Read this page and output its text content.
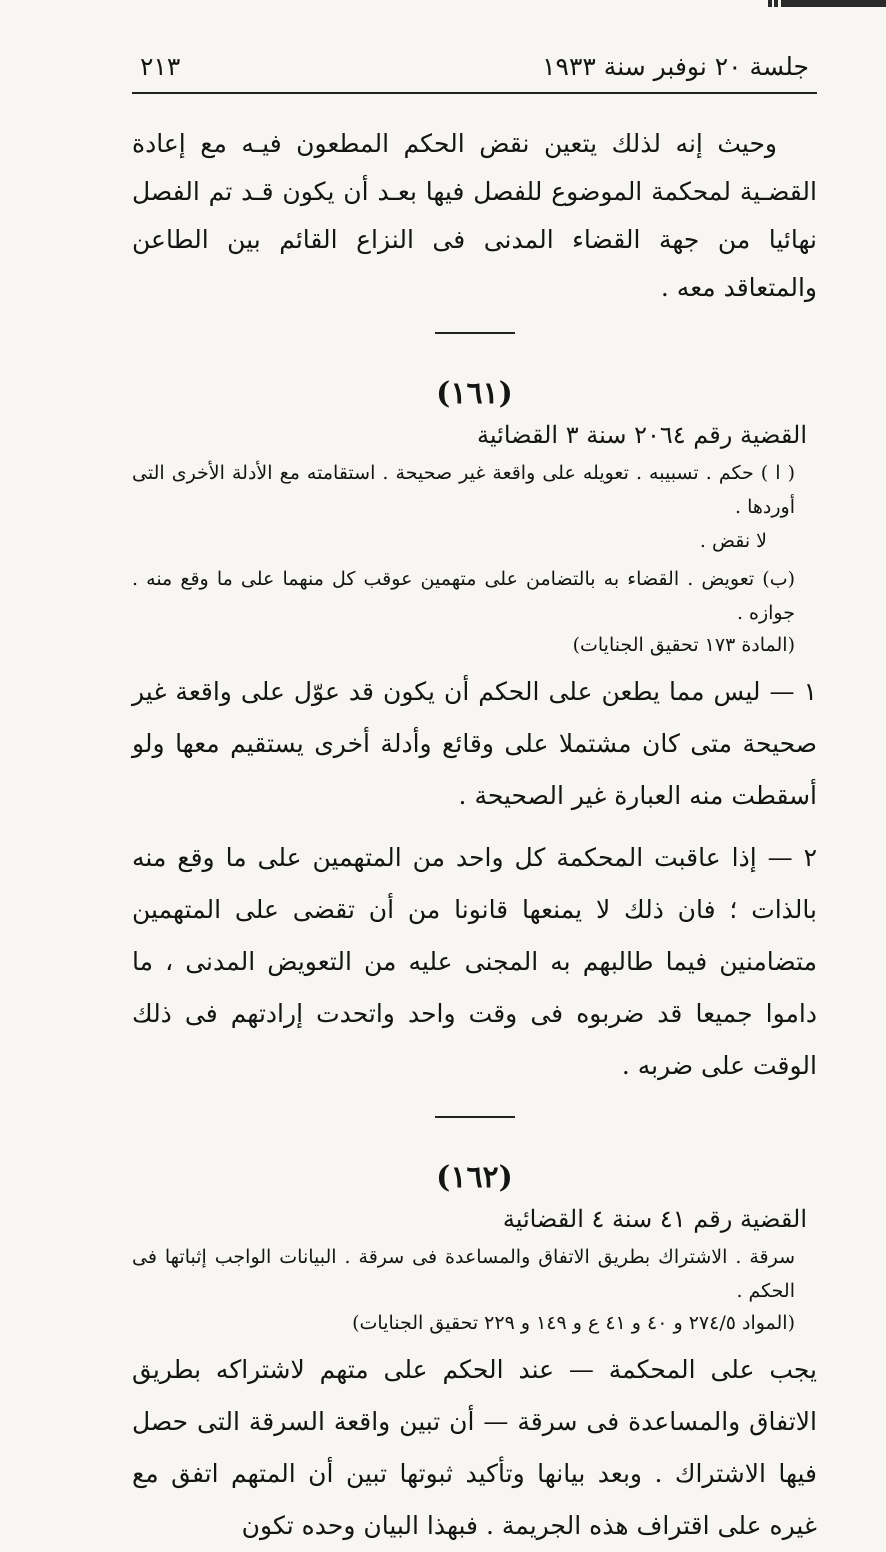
جلسة ٢٠ نوفبر سنة ١٩٣٣
٢١٣

وحيث إنه لذلك يتعين نقض الحكم المطعون فيـه مع إعادة القضـية لمحكمة الموضوع للفصل فيها بعـد أن يكون قـد تم الفصل نهائيا من جهة القضاء المدنى فى النزاع القائم بين الطاعن والمتعاقد معه .

(١٦١)

القضية رقم ٢٠٦٤ سنة ٣ القضائية

( ا ) حكم . تسبيبه . تعويله على واقعة غير صحيحة . استقامته مع الأدلة الأخرى التى أوردها .
لا نقض .

(ب) تعويض . القضاء به بالتضامن على متهمين عوقب كل منهما على ما وقع منه . جوازه .

(المادة ١٧٣ تحقيق الجنايات)

١ — ليس مما يطعن على الحكم أن يكون قد عوّل على واقعة غير صحيحة متى كان مشتملا على وقائع وأدلة أخرى يستقيم معها ولو أسقطت منه العبارة غير الصحيحة .

٢ — إذا عاقبت المحكمة كل واحد من المتهمين على ما وقع منه بالذات ؛ فان ذلك لا يمنعها قانونا من أن تقضى على المتهمين متضامنين فيما طالبهم به المجنى عليه من التعويض المدنى ، ما داموا جميعا قد ضربوه فى وقت واحد واتحدت إرادتهم فى ذلك الوقت على ضربه .

(١٦٢)

القضية رقم ٤١ سنة ٤ القضائية

سرقة . الاشتراك بطريق الاتفاق والمساعدة فى سرقة . البيانات الواجب إثباتها فى الحكم .

(المواد ٢٧٤/٥ و ٤٠ و ٤١ ع و ١٤٩ و ٢٢٩ تحقيق الجنايات)

يجب على المحكمة — عند الحكم على متهم لاشتراكه بطريق الاتفاق والمساعدة فى سرقة — أن تبين واقعة السرقة التى حصل فيها الاشتراك . وبعد بيانها وتأكيد ثبوتها تبين أن المتهم اتفق مع غيره على اقتراف هذه الجريمة . فبهذا البيان وحده تكون
